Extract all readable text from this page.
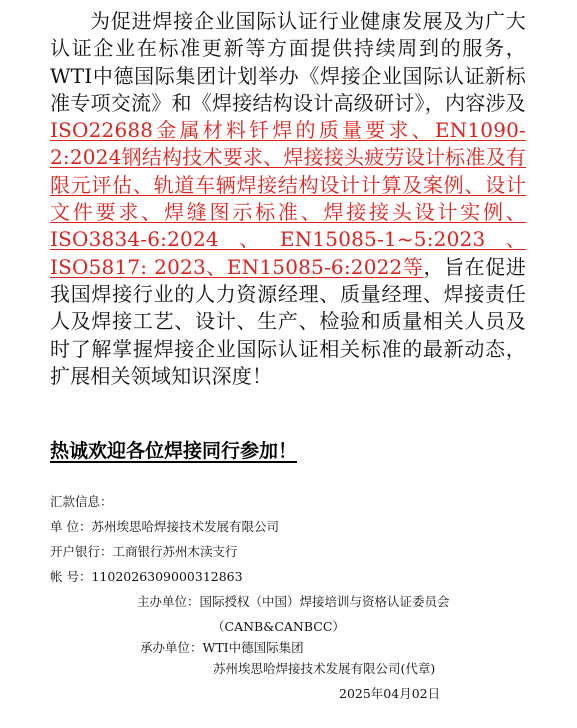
为促进焊接企业国际认证行业健康发展及为广大认证企业在标准更新等方面提供持续周到的服务，WTI中德国际集团计划举办《焊接企业国际认证新标准专项交流》和《焊接结构设计高级研讨》，内容涉及ISO22688金属材料钎焊的质量要求、EN1090-2:2024钢结构技术要求、焊接接头疲劳设计标准及有限元评估、轨道车辆焊接结构设计计算及案例、设计文件要求、焊缝图示标准、焊接接头设计实例、ISO3834-6:2024、EN15085-1~5:2023、ISO5817: 2023、EN15085-6:2022等，旨在促进我国焊接行业的人力资源经理、质量经理、焊接责任人及焊接工艺、设计、生产、检验和质量相关人员及时了解掌握焊接企业国际认证相关标准的最新动态，扩展相关领域知识深度！

热诚欢迎各位焊接同行参加！

汇款信息：

单 位：苏州埃思哈焊接技术发展有限公司

开户银行：工商银行苏州木渎支行

帐 号：1102026309000312863

主办单位：国际授权（中国）焊接培训与资格认证委员会

（CANB&CANBCC）

承办单位：WTI中德国际集团

苏州埃思哈焊接技术发展有限公司(代章)

2025年04月02日
